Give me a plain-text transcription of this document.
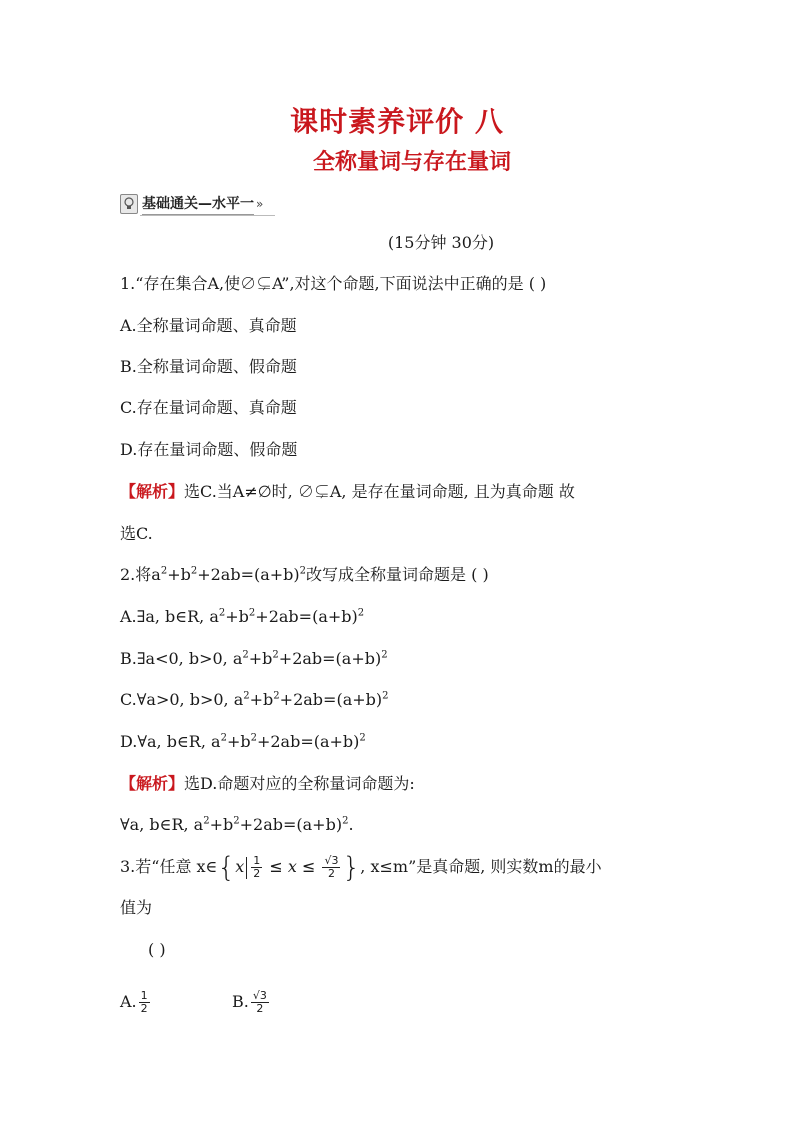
课时素养评价 八
全称量词与存在量词
基础通关—水平一 »
(15分钟 30分)
1.“存在集合A,使∅⊊A”,对这个命题,下面说法中正确的是 ( )
A.全称量词命题、真命题
B.全称量词命题、假命题
C.存在量词命题、真命题
D.存在量词命题、假命题
【解析】选C.当A≠∅时, ∅⊊A, 是存在量词命题, 且为真命题 故
选C.
2.将$a^2+b^2+2ab=(a+b)^2$改写成全称量词命题是 ( )
A.∃a, b∈R, $a^2+b^2+2ab=(a+b)^2$
B.∃a<0, b>0, $a^2+b^2+2ab=(a+b)^2$
C.∀a>0, b>0, $a^2+b^2+2ab=(a+b)^2$
D.∀a, b∈R, $a^2+b^2+2ab=(a+b)^2$
【解析】选D.命题对应的全称量词命题为:
∀a, b∈R, $a^2+b^2+2ab=(a+b)^2$.
3.若“任意 x∈{x $\frac{1}{2} \le x \le \frac{√3}{2}$ }, x≤m”是真命题, 则实数m的最小
值为
( )
A. $\frac{1}{2}$	B. $\frac{√3}{2}$
